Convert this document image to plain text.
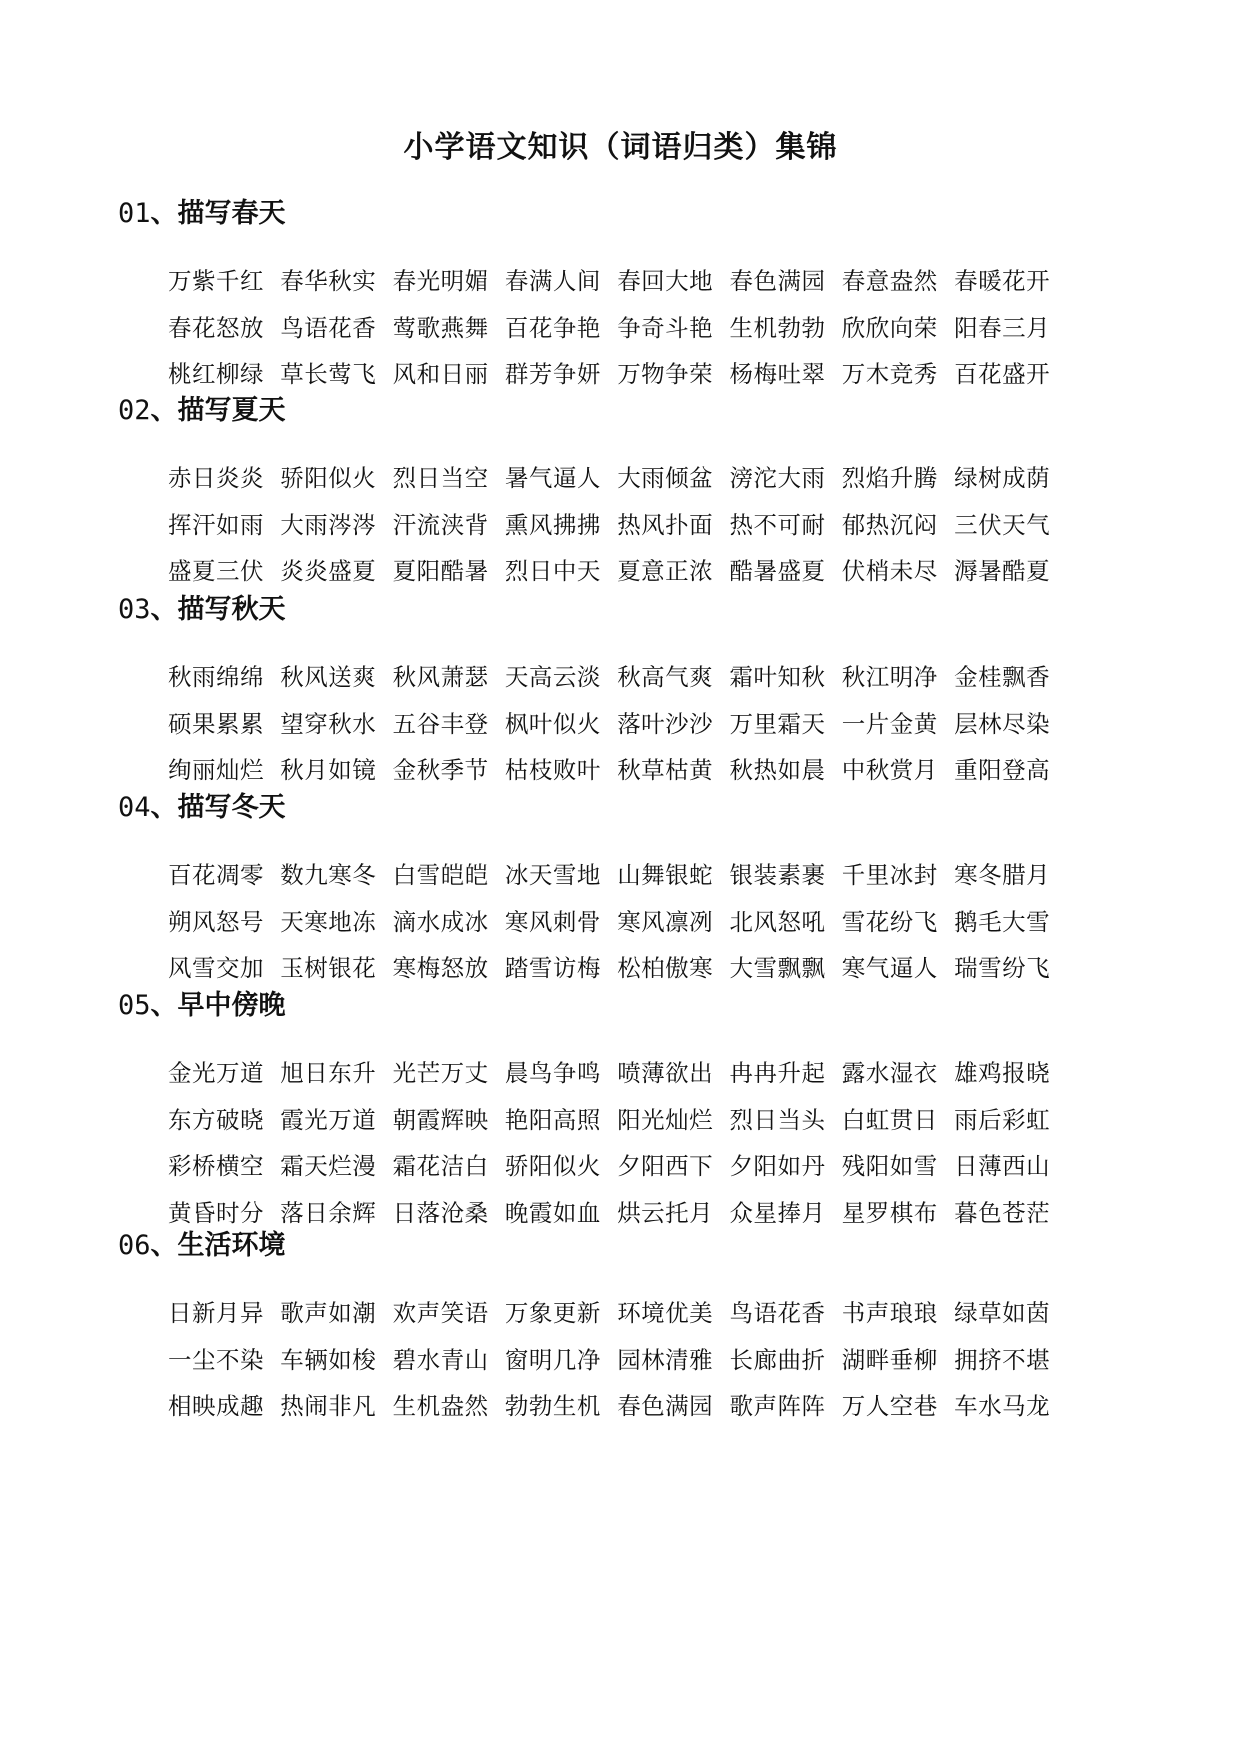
小学语文知识（词语归类）集锦
01、描写春天
万紫千红 春华秋实 春光明媚 春满人间 春回大地 春色满园 春意盎然 春暖花开
春花怒放 鸟语花香 莺歌燕舞 百花争艳 争奇斗艳 生机勃勃 欣欣向荣 阳春三月
桃红柳绿 草长莺飞 风和日丽 群芳争妍 万物争荣 杨梅吐翠 万木竞秀 百花盛开
02、描写夏天
赤日炎炎 骄阳似火 烈日当空 暑气逼人 大雨倾盆 滂沱大雨 烈焰升腾 绿树成荫
挥汗如雨 大雨涔涔 汗流浃背 熏风拂拂 热风扑面 热不可耐 郁热沉闷 三伏天气
盛夏三伏 炎炎盛夏 夏阳酷暑 烈日中天 夏意正浓 酷暑盛夏 伏梢未尽 溽暑酷夏
03、描写秋天
秋雨绵绵 秋风送爽 秋风萧瑟 天高云淡 秋高气爽 霜叶知秋 秋江明净 金桂飘香
硕果累累 望穿秋水 五谷丰登 枫叶似火 落叶沙沙 万里霜天 一片金黄 层林尽染
绚丽灿烂 秋月如镜 金秋季节 枯枝败叶 秋草枯黄 秋热如晨 中秋赏月 重阳登高
04、描写冬天
百花凋零 数九寒冬 白雪皑皑 冰天雪地 山舞银蛇 银装素裹 千里冰封 寒冬腊月
朔风怒号 天寒地冻 滴水成冰 寒风刺骨 寒风凛冽 北风怒吼 雪花纷飞 鹅毛大雪
风雪交加 玉树银花 寒梅怒放 踏雪访梅 松柏傲寒 大雪飘飘 寒气逼人 瑞雪纷飞
05、早中傍晚
金光万道 旭日东升 光芒万丈 晨鸟争鸣 喷薄欲出 冉冉升起 露水湿衣 雄鸡报晓
东方破晓 霞光万道 朝霞辉映 艳阳高照 阳光灿烂 烈日当头 白虹贯日 雨后彩虹
彩桥横空 霜天烂漫 霜花洁白 骄阳似火 夕阳西下 夕阳如丹 残阳如雪 日薄西山
黄昏时分 落日余辉 日落沧桑 晚霞如血 烘云托月 众星捧月 星罗棋布 暮色苍茫
06、生活环境
日新月异 歌声如潮 欢声笑语 万象更新 环境优美 鸟语花香 书声琅琅 绿草如茵
一尘不染 车辆如梭 碧水青山 窗明几净 园林清雅 长廊曲折 湖畔垂柳 拥挤不堪
相映成趣 热闹非凡 生机盎然 勃勃生机 春色满园 歌声阵阵 万人空巷 车水马龙
